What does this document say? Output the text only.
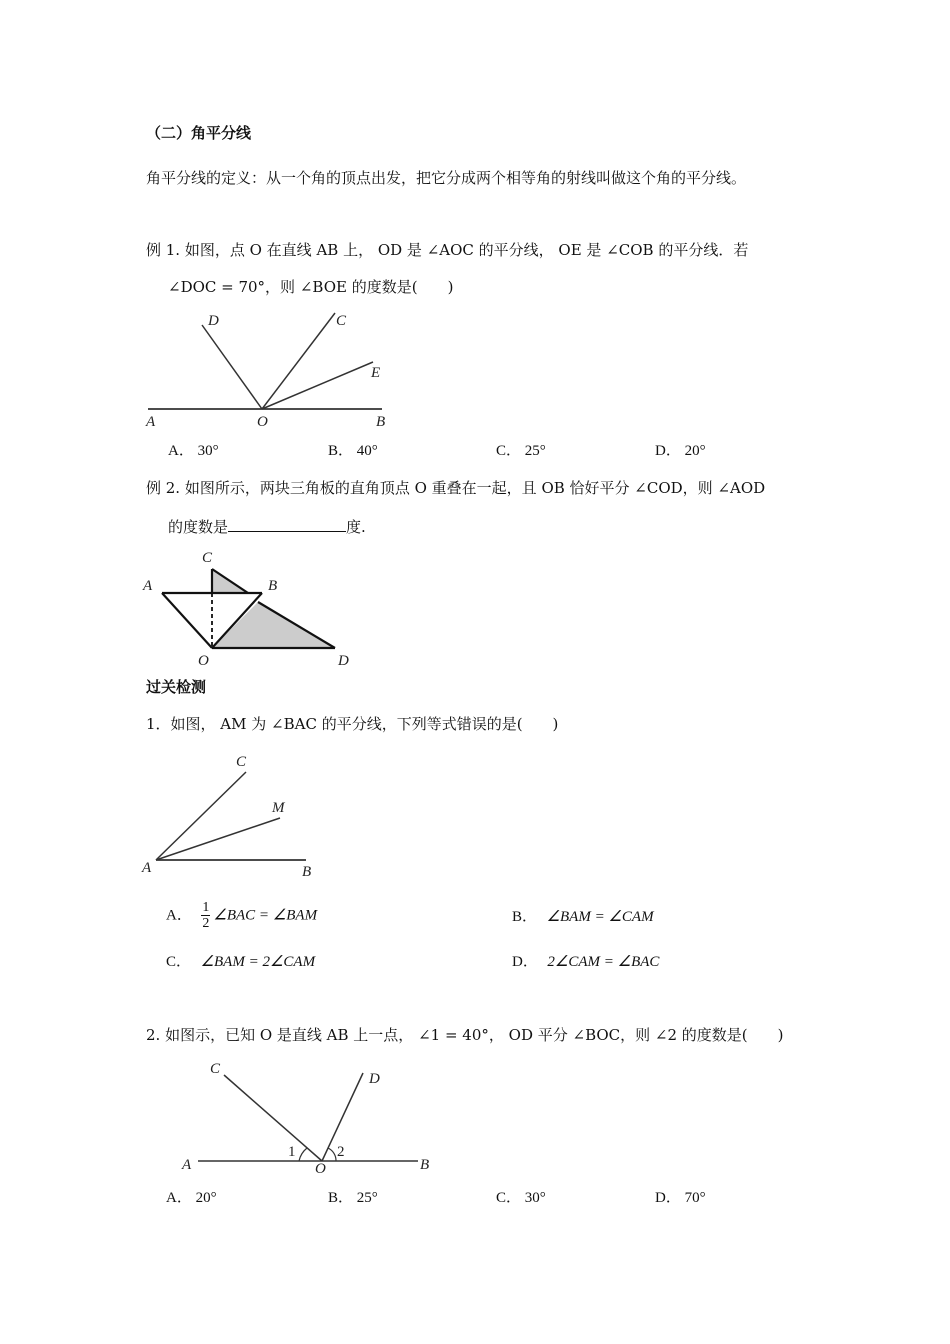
（二）角平分线
角平分线的定义：从一个角的顶点出发，把它分成两个相等角的射线叫做这个角的平分线。
例 1. 如图，点 O 在直线 AB 上， OD 是 ∠AOC 的平分线， OE 是 ∠COB 的平分线．若
∠DOC = 70°，则 ∠BOE 的度数是(　　)
A	O	B
D	C
E
A． 30°	B． 40°	C． 25°	D． 20°
例 2. 如图所示，两块三角板的直角顶点 O 重叠在一起，且 OB 恰好平分 ∠COD，则 ∠AOD
的度数是	度.
A
C
B
O	D
过关检测
1．如图， AM 为 ∠BAC 的平分线，下列等式错误的是(　　)
A	B
C
M
A． $\frac{1}{2}$ ∠BAC = ∠BAM	B． ∠BAM = ∠CAM
C． ∠BAM = 2∠CAM	D． 2∠CAM = ∠BAC
2. 如图示，已知 O 是直线 AB 上一点， ∠1 = 40°， OD 平分 ∠BOC，则 ∠2 的度数是(　　)
A	O	B
C
D
1	2
A． 20°	B． 25°	C． 30°	D． 70°
